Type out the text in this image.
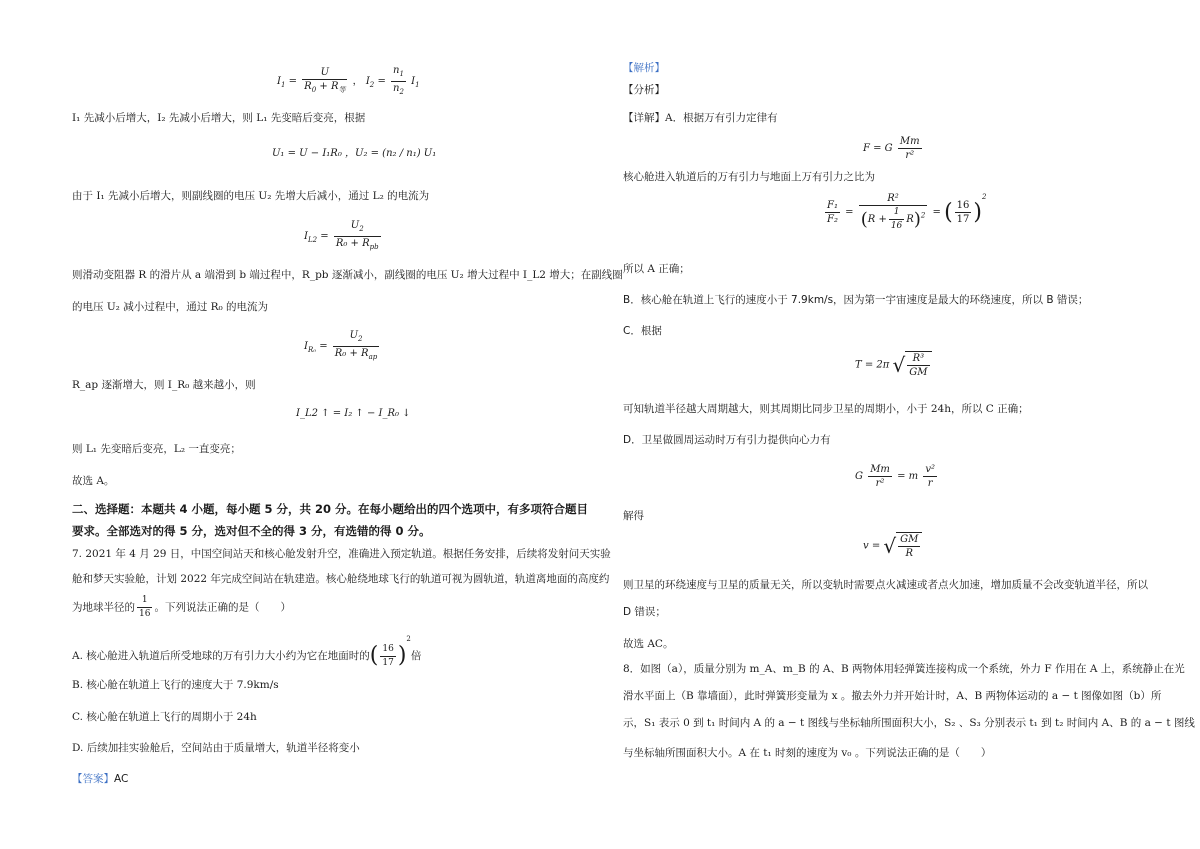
$I_1 = \frac{U}{R_0 + R_等}$ ， $I_2 = \frac{n_1}{n_2} I_1$
I₁ 先减小后增大，I₂ 先减小后增大，则 L₁ 先变暗后变亮，根据
U₁ = U − I₁R₀ ，U₂ = (n₂ / n₁) U₁
由于 I₁ 先减小后增大，则副线圈的电压 U₂ 先增大后减小，通过 L₂ 的电流为
$I_{L2} = \frac{U_2}{R_0 + R_{pb}}$
则滑动变阻器 R 的滑片从 a 端滑到 b 端过程中，R_pb 逐渐减小，副线圈的电压 U₂ 增大过程中 I_L2 增大；在副线圈
的电压 U₂ 减小过程中，通过 R₀ 的电流为
$I_{R_0} = \frac{U_2}{R_0 + R_{ap}}$
R_ap 逐渐增大，则 I_R₀ 越来越小，则
I_L2 ↑ = I₂ ↑ − I_R₀ ↓
则 L₁ 先变暗后变亮，L₂ 一直变亮；
故选 A。
二、选择题：本题共 4 小题，每小题 5 分，共 20 分。在每小题给出的四个选项中，有多项符合题目
要求。全部选对的得 5 分，选对但不全的得 3 分，有选错的得 0 分。
7. 2021 年 4 月 29 日，中国空间站天和核心舱发射升空，准确进入预定轨道。根据任务安排，后续将发射问天实验
舱和梦天实验舱，计划 2022 年完成空间站在轨建造。核心舱绕地球飞行的轨道可视为圆轨道，轨道离地面的高度约
为地球半径的 $\frac{1}{16}$ 。下列说法正确的是（　　）
A. 核心舱进入轨道后所受地球的万有引力大小约为它在地面时的( $\frac{16}{17} )^2$倍
B. 核心舱在轨道上飞行的速度大于 7.9km/s
C. 核心舱在轨道上飞行的周期小于 24h
D. 后续加挂实验舱后，空间站由于质量增大，轨道半径将变小
【答案】AC
【解析】
【分析】
【详解】A．根据万有引力定律有
F = G $\frac{Mm}{\text{r²}}$
核心舱进入轨道后的万有引力与地面上万有引力之比为
$\frac{\text{F₁}}{\text{F₂}} = \frac{\text{R²}}{(R + \frac{1}{16} R)^2}$ = ( $\frac{16}{17} )^2$
所以 A 正确；
B．核心舱在轨道上飞行的速度小于 7.9km/s，因为第一宇宙速度是最大的环绕速度，所以 B 错误；
C．根据
T = 2π √ $\frac{\text{R³}}{GM}$
可知轨道半径越大周期越大，则其周期比同步卫星的周期小，小于 24h，所以 C 正确；
D．卫星做圆周运动时万有引力提供向心力有
G $\frac{Mm}{\text{r²}} = m \frac{\text{v²}}{r}$
解得
v = √ $\frac{GM}{R}$
则卫星的环绕速度与卫星的质量无关，所以变轨时需要点火减速或者点火加速，增加质量不会改变轨道半径，所以
D 错误；
故选 AC。
8．如图（a），质量分别为 m_A、m_B 的 A、B 两物体用轻弹簧连接构成一个系统，外力 F 作用在 A 上，系统静止在光
滑水平面上（B 靠墙面），此时弹簧形变量为 x 。撤去外力并开始计时，A、B 两物体运动的 a − t 图像如图（b）所
示，S₁ 表示 0 到 t₁ 时间内 A 的 a − t 图线与坐标轴所围面积大小，S₂ 、S₃ 分别表示 t₁ 到 t₂ 时间内 A、B 的 a − t 图线
与坐标轴所围面积大小。A 在 t₁ 时刻的速度为 v₀ 。下列说法正确的是（　　）
